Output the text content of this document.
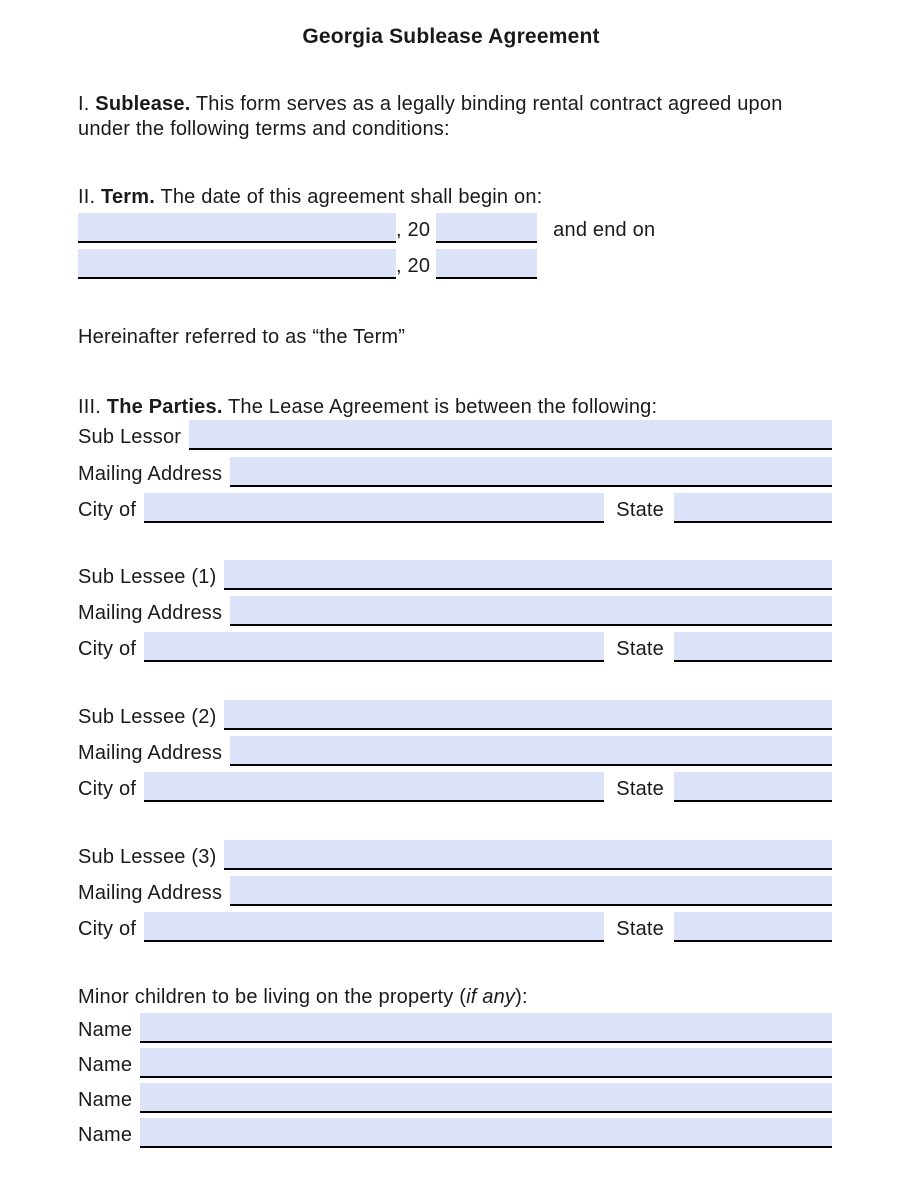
Georgia Sublease Agreement
I. Sublease. This form serves as a legally binding rental contract agreed upon under the following terms and conditions:
II. Term. The date of this agreement shall begin on:
, 20	and end on
, 20
Hereinafter referred to as “the Term”
III. The Parties. The Lease Agreement is between the following:
Sub Lessor
Mailing Address
City of	State
Sub Lessee (1)
Mailing Address
City of	State
Sub Lessee (2)
Mailing Address
City of	State
Sub Lessee (3)
Mailing Address
City of	State
Minor children to be living on the property (if any):
Name
Name
Name
Name
